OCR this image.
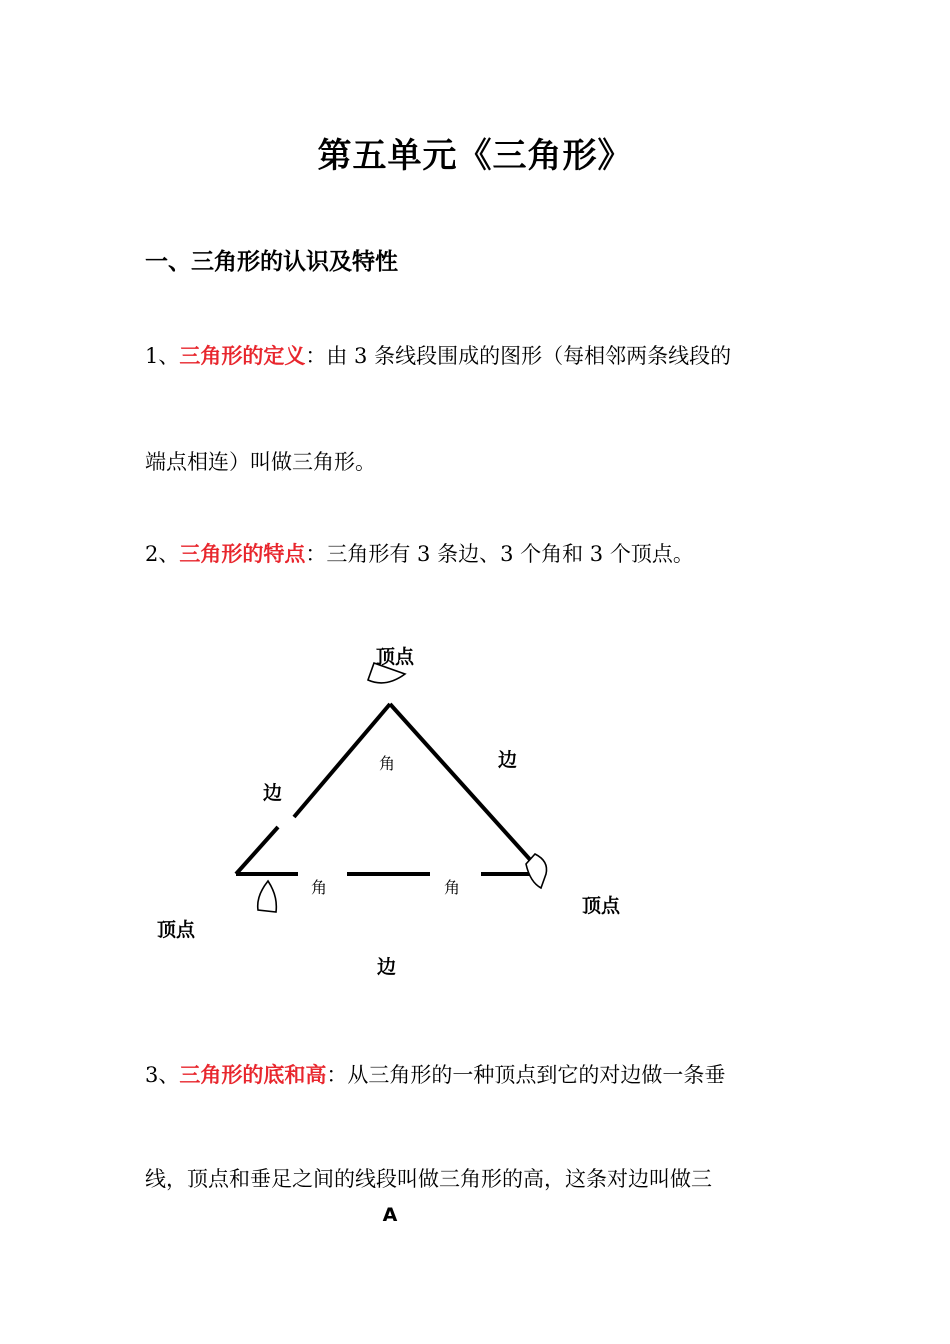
第五单元《三角形》
一、三角形的认识及特性
1、三角形的定义：由 3 条线段围成的图形（每相邻两条线段的
端点相连）叫做三角形。
2、三角形的特点：三角形有 3 条边、3 个角和 3 个顶点。
顶点
边
边
边
顶点
顶点
角
角	角
3、三角形的底和高：从三角形的一种顶点到它的对边做一条垂
线，顶点和垂足之间的线段叫做三角形的高，这条对边叫做三
A
